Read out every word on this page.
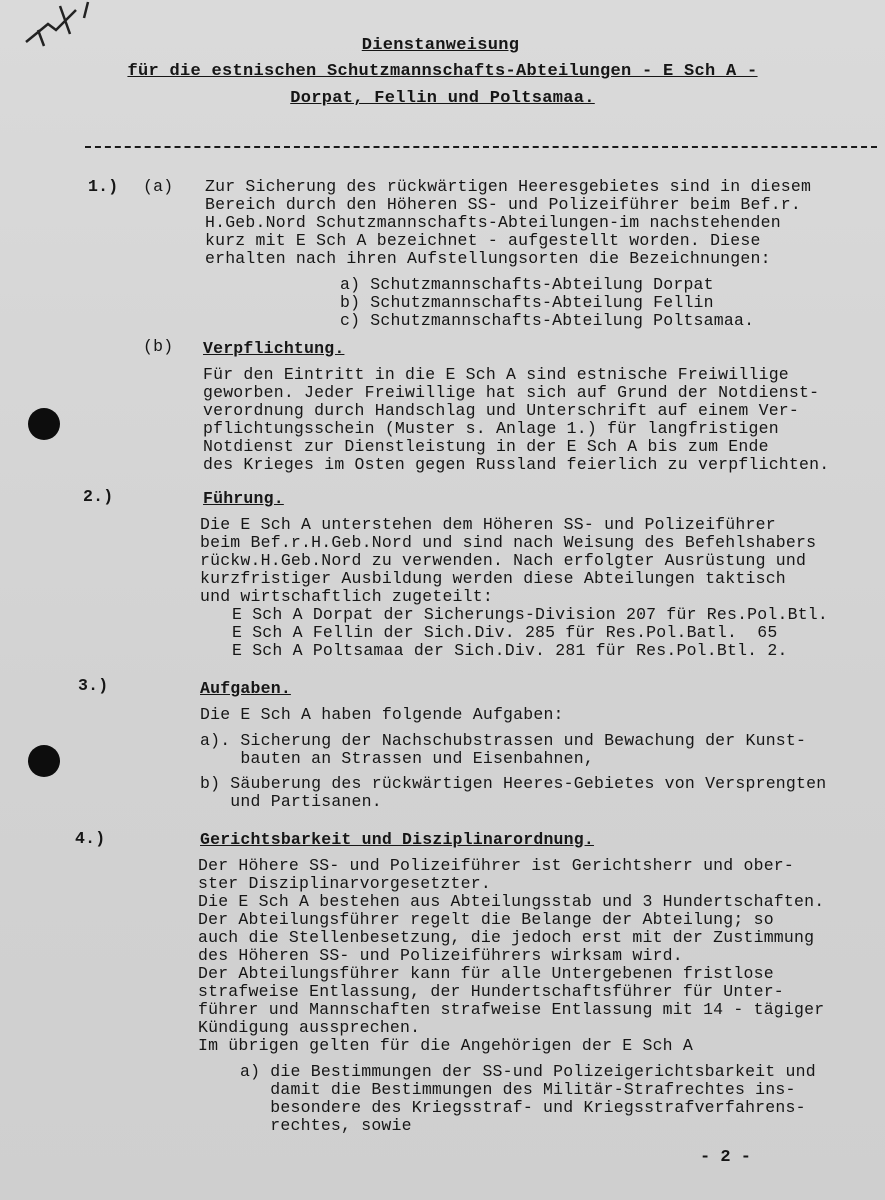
Dienstanweisung
für die estnischen Schutzmannschafts-Abteilungen - E Sch A -
Dorpat, Fellin und Poltsamaa.
1.) (a) Zur Sicherung des rückwärtigen Heeresgebietes sind in diesem
Bereich durch den Höheren SS- und Polizeiführer beim Bef.r.
H.Geb.Nord Schutzmannschafts-Abteilungen-im nachstehenden
kurz mit E Sch A bezeichnet - aufgestellt worden. Diese
erhalten nach ihren Aufstellungsorten die Bezeichnungen:
a) Schutzmannschafts-Abteilung Dorpat
b) Schutzmannschafts-Abteilung Fellin
c) Schutzmannschafts-Abteilung Poltsamaa.
(b) Verpflichtung.
Für den Eintritt in die E Sch A sind estnische Freiwillige
geworben. Jeder Freiwillige hat sich auf Grund der Notdienst-
verordnung durch Handschlag und Unterschrift auf einem Ver-
pflichtungsschein (Muster s. Anlage 1.) für langfristigen
Notdienst zur Dienstleistung in der E Sch A bis zum Ende
des Krieges im Osten gegen Russland feierlich zu verpflichten.
2.)	Führung.
Die E Sch A unterstehen dem Höheren SS- und Polizeiführer
beim Bef.r.H.Geb.Nord und sind nach Weisung des Befehlshabers
rückw.H.Geb.Nord zu verwenden. Nach erfolgter Ausrüstung und
kurzfristiger Ausbildung werden diese Abteilungen taktisch
und wirtschaftlich zugeteilt:
E Sch A Dorpat der Sicherungs-Division 207 für Res.Pol.Btl.
E Sch A Fellin der Sich.Div. 285 für Res.Pol.Batl.  65
E Sch A Poltsamaa der Sich.Div. 281 für Res.Pol.Btl. 2.
3.)	Aufgaben.
Die E Sch A haben folgende Aufgaben:
a). Sicherung der Nachschubstrassen und Bewachung der Kunst-
bauten an Strassen und Eisenbahnen,
b) Säuberung des rückwärtigen Heeres-Gebietes von Versprengten
und Partisanen.
4.)	Gerichtsbarkeit und Disziplinarordnung.
Der Höhere SS- und Polizeiführer ist Gerichtsherr und ober-
ster Disziplinarvorgesetzter.
Die E Sch A bestehen aus Abteilungsstab und 3 Hundertschaften.
Der Abteilungsführer regelt die Belange der Abteilung; so
auch die Stellenbesetzung, die jedoch erst mit der Zustimmung
des Höheren SS- und Polizeiführers wirksam wird.
Der Abteilungsführer kann für alle Untergebenen fristlose
strafweise Entlassung, der Hundertschaftsführer für Unter-
führer und Mannschaften strafweise Entlassung mit 14 - tägiger
Kündigung aussprechen.
Im übrigen gelten für die Angehörigen der E Sch A
a) die Bestimmungen der SS-und Polizeigerichtsbarkeit und
damit die Bestimmungen des Militär-Strafrechtes ins-
besondere des Kriegsstraf- und Kriegsstrafverfahrens-
rechtes, sowie
- 2 -
